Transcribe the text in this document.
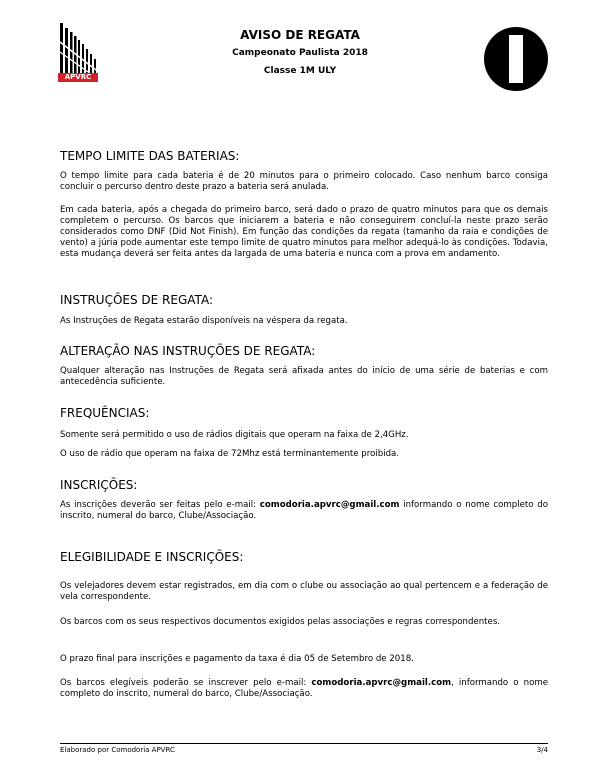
APVRC

AVISO DE REGATA

Campeonato Paulista 2018

Classe 1M ULY

TEMPO LIMITE DAS BATERIAS:

O tempo limite para cada bateria é de 20 minutos para o primeiro colocado. Caso nenhum barco consiga concluir o percurso dentro deste prazo a bateria será anulada.

Em cada bateria, após a chegada do primeiro barco, será dado o prazo de quatro minutos para que os demais completem o percurso. Os barcos que iniciarem a bateria e não conseguirem concluí-la neste prazo serão considerados como DNF (Did Not Finish). Em função das condições da regata (tamanho da raia e condições de vento) a júria pode aumentar este tempo limite de quatro minutos para melhor adequá-lo às condições. Todavia, esta mudança deverá ser feita antes da largada de uma bateria e nunca com a prova em andamento.

INSTRUÇÕES DE REGATA:

As Instruções de Regata estarão disponíveis na véspera da regata.

ALTERAÇÃO NAS INSTRUÇÕES DE REGATA:

Qualquer alteração nas Instruções de Regata será afixada antes do início de uma série de baterias e com antecedência suficiente.

FREQUÊNCIAS:

Somente será permitido o uso de rádios digitais que operam na faixa de 2,4GHz.

O uso de rádio que operam na faixa de 72Mhz está terminantemente proibida.

INSCRIÇÕES:

As inscrições deverão ser feitas pelo e-mail: comodoria.apvrc@gmail.com informando o nome completo do inscrito, numeral do barco, Clube/Associação.

ELEGIBILIDADE E INSCRIÇÕES:

Os velejadores devem estar registrados, em dia com o clube ou associação ao qual pertencem e a federação de vela correspondente.

Os barcos com os seus respectivos documentos exigidos pelas associações e regras correspondentes.

O prazo final para inscrições e pagamento da taxa é dia 05 de Setembro de 2018.

Os barcos elegíveis poderão se inscrever pelo e-mail: comodoria.apvrc@gmail.com, informando o nome completo do inscrito, numeral do barco, Clube/Associação.

Elaborado por Comodoria APVRC	3/4
